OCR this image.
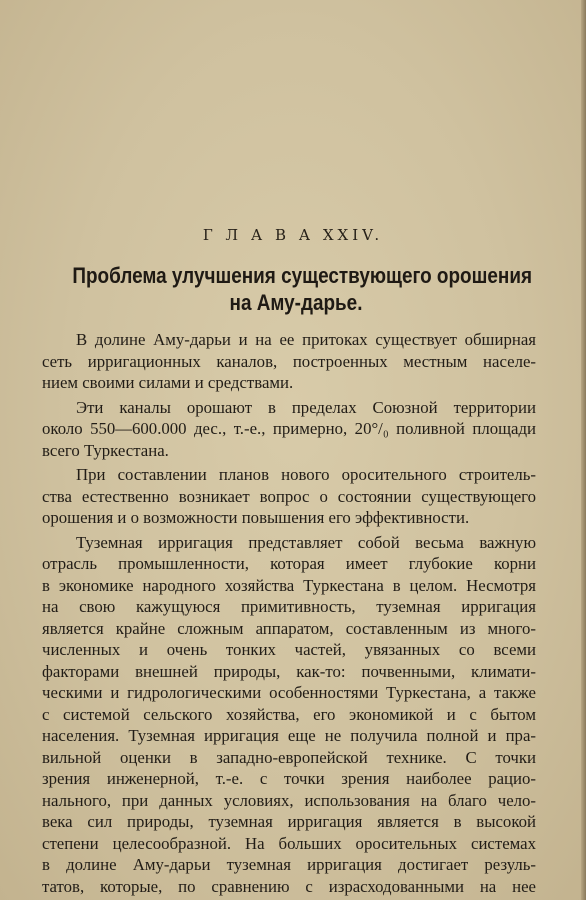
Г Л А В А XXIV.
Проблема улучшения существующего орошения
на Аму-дарье.
В долине Аму-дарьи и на ее притоках существует обширная
сеть ирригационных каналов, построенных местным населе-
нием своими силами и средствами.
Эти каналы орошают в пределах Союзной территории
около 550—600.000 дес., т.-е., примерно, 20°/₀ поливной площади
всего Туркестана.
При составлении планов нового оросительного строитель-
ства естественно возникает вопрос о состоянии существующего
орошения и о возможности повышения его эффективности.
Туземная ирригация представляет собой весьма важную
отрасль промышленности, которая имеет глубокие корни
в экономике народного хозяйства Туркестана в целом. Несмотря
на свою кажущуюся примитивность, туземная ирригация
является крайне сложным аппаратом, составленным из много-
численных и очень тонких частей, увязанных со всеми
факторами внешней природы, как-то: почвенными, климати-
ческими и гидрологическими особенностями Туркестана, а также
с системой сельского хозяйства, его экономикой и с бытом
населения. Туземная ирригация еще не получила полной и пра-
вильной оценки в западно-европейской технике. С точки
зрения инженерной, т.-е. с точки зрения наиболее рацио-
нального, при данных условиях, использования на благо чело-
века сил природы, туземная ирригация является в высокой
степени целесообразной. На больших оросительных системах
в долине Аму-дарьи туземная ирригация достигает резуль-
татов, которые, по сравнению с израсходованными на нее
